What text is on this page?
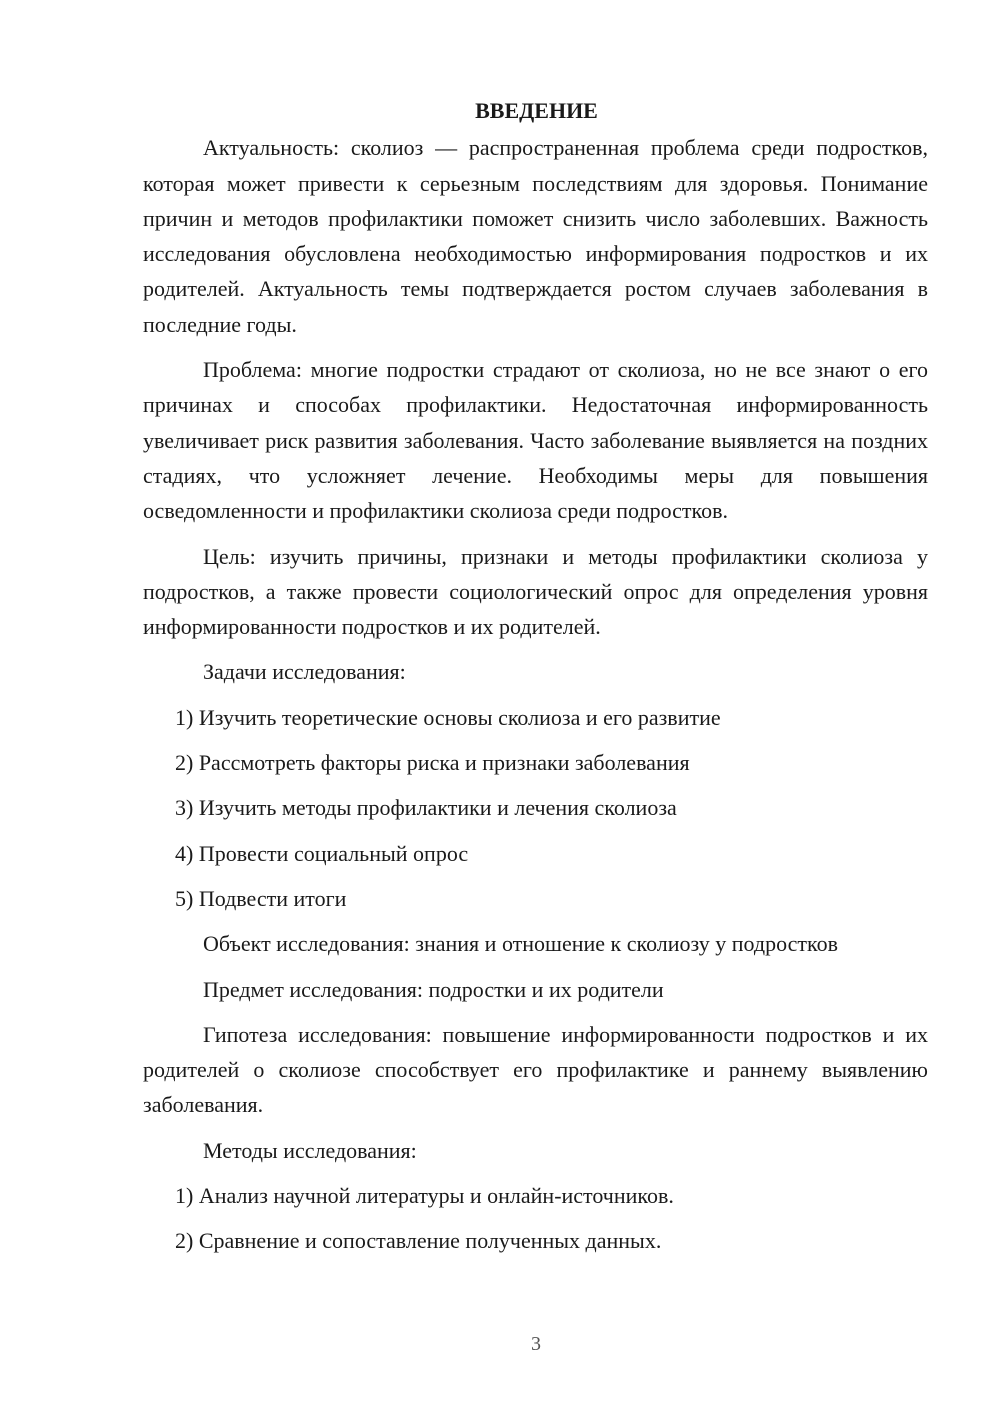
ВВЕДЕНИЕ

Актуальность: сколиоз — распространенная проблема среди подростков, которая может привести к серьезным последствиям для здоровья. Понимание причин и методов профилактики поможет снизить число заболевших. Важность исследования обусловлена необходимостью информирования подростков и их родителей. Актуальность темы подтверждается ростом случаев заболевания в последние годы.

Проблема: многие подростки страдают от сколиоза, но не все знают о его причинах и способах профилактики. Недостаточная информированность увеличивает риск развития заболевания. Часто заболевание выявляется на поздних стадиях, что усложняет лечение. Необходимы меры для повышения осведомленности и профилактики сколиоза среди подростков.

Цель: изучить причины, признаки и методы профилактики сколиоза у подростков, а также провести социологический опрос для определения уровня информированности подростков и их родителей.

Задачи исследования:

1) Изучить теоретические основы сколиоза и его развитие

2) Рассмотреть факторы риска и признаки заболевания

3) Изучить методы профилактики и лечения сколиоза

4) Провести социальный опрос

5) Подвести итоги

Объект исследования: знания и отношение к сколиозу у подростков

Предмет исследования: подростки и их родители

Гипотеза исследования: повышение информированности подростков и их родителей о сколиозе способствует его профилактике и раннему выявлению заболевания.

Методы исследования:

1) Анализ научной литературы и онлайн-источников.

2) Сравнение и сопоставление полученных данных.

3
